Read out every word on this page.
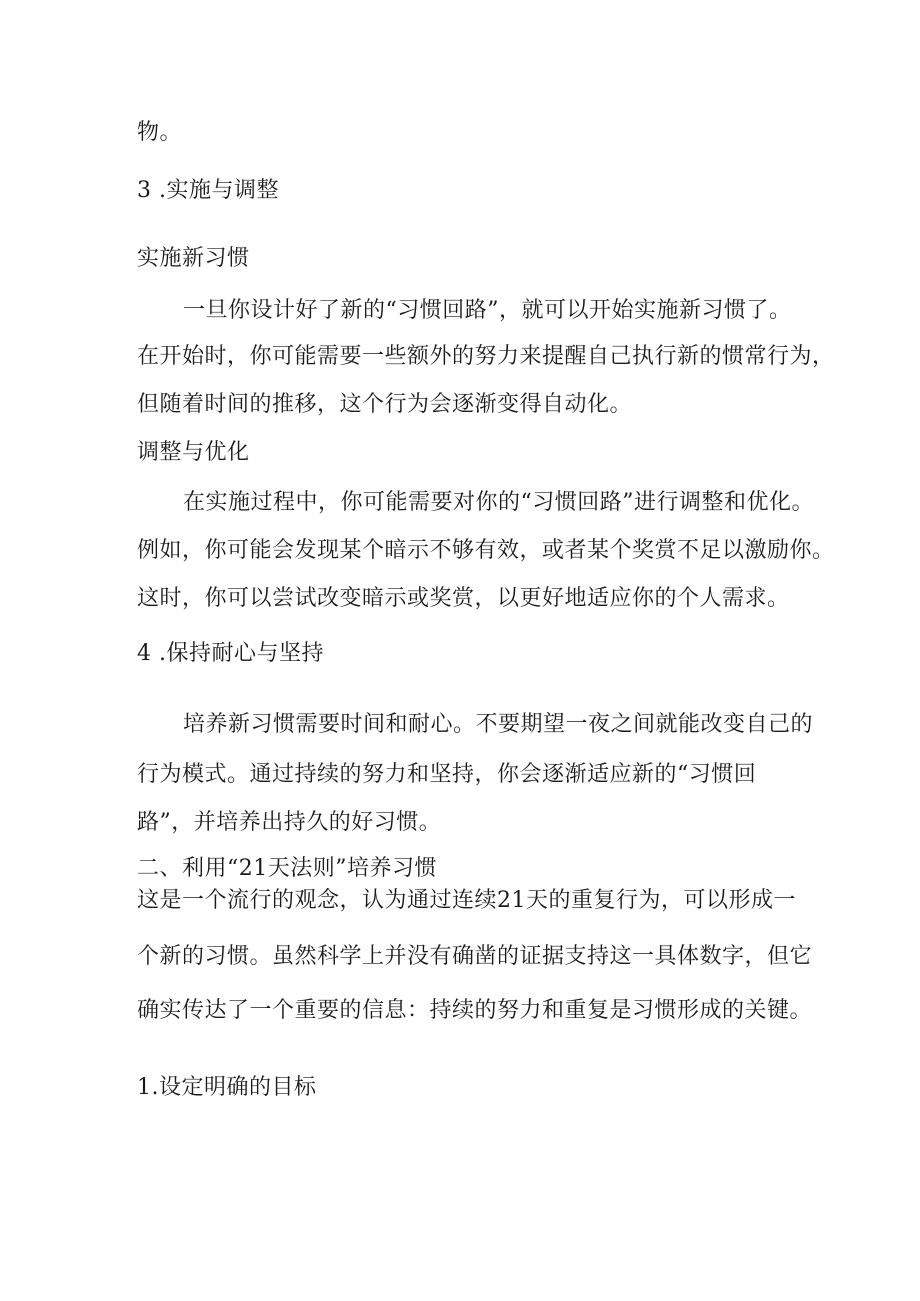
物。
3 .实施与调整
实施新习惯
一旦你设计好了新的“习惯回路”，就可以开始实施新习惯了。
在开始时，你可能需要一些额外的努力来提醒自己执行新的惯常行为，
但随着时间的推移，这个行为会逐渐变得自动化。
调整与优化
在实施过程中，你可能需要对你的“习惯回路”进行调整和优化。
例如，你可能会发现某个暗示不够有效，或者某个奖赏不足以激励你。
这时，你可以尝试改变暗示或奖赏，以更好地适应你的个人需求。
4 .保持耐心与坚持
培养新习惯需要时间和耐心。不要期望一夜之间就能改变自己的
行为模式。通过持续的努力和坚持，你会逐渐适应新的“习惯回
路”，并培养出持久的好习惯。
二、利用“21天法则”培养习惯
这是一个流行的观念，认为通过连续21天的重复行为，可以形成一
个新的习惯。虽然科学上并没有确凿的证据支持这一具体数字，但它
确实传达了一个重要的信息：持续的努力和重复是习惯形成的关键。
1.设定明确的目标
